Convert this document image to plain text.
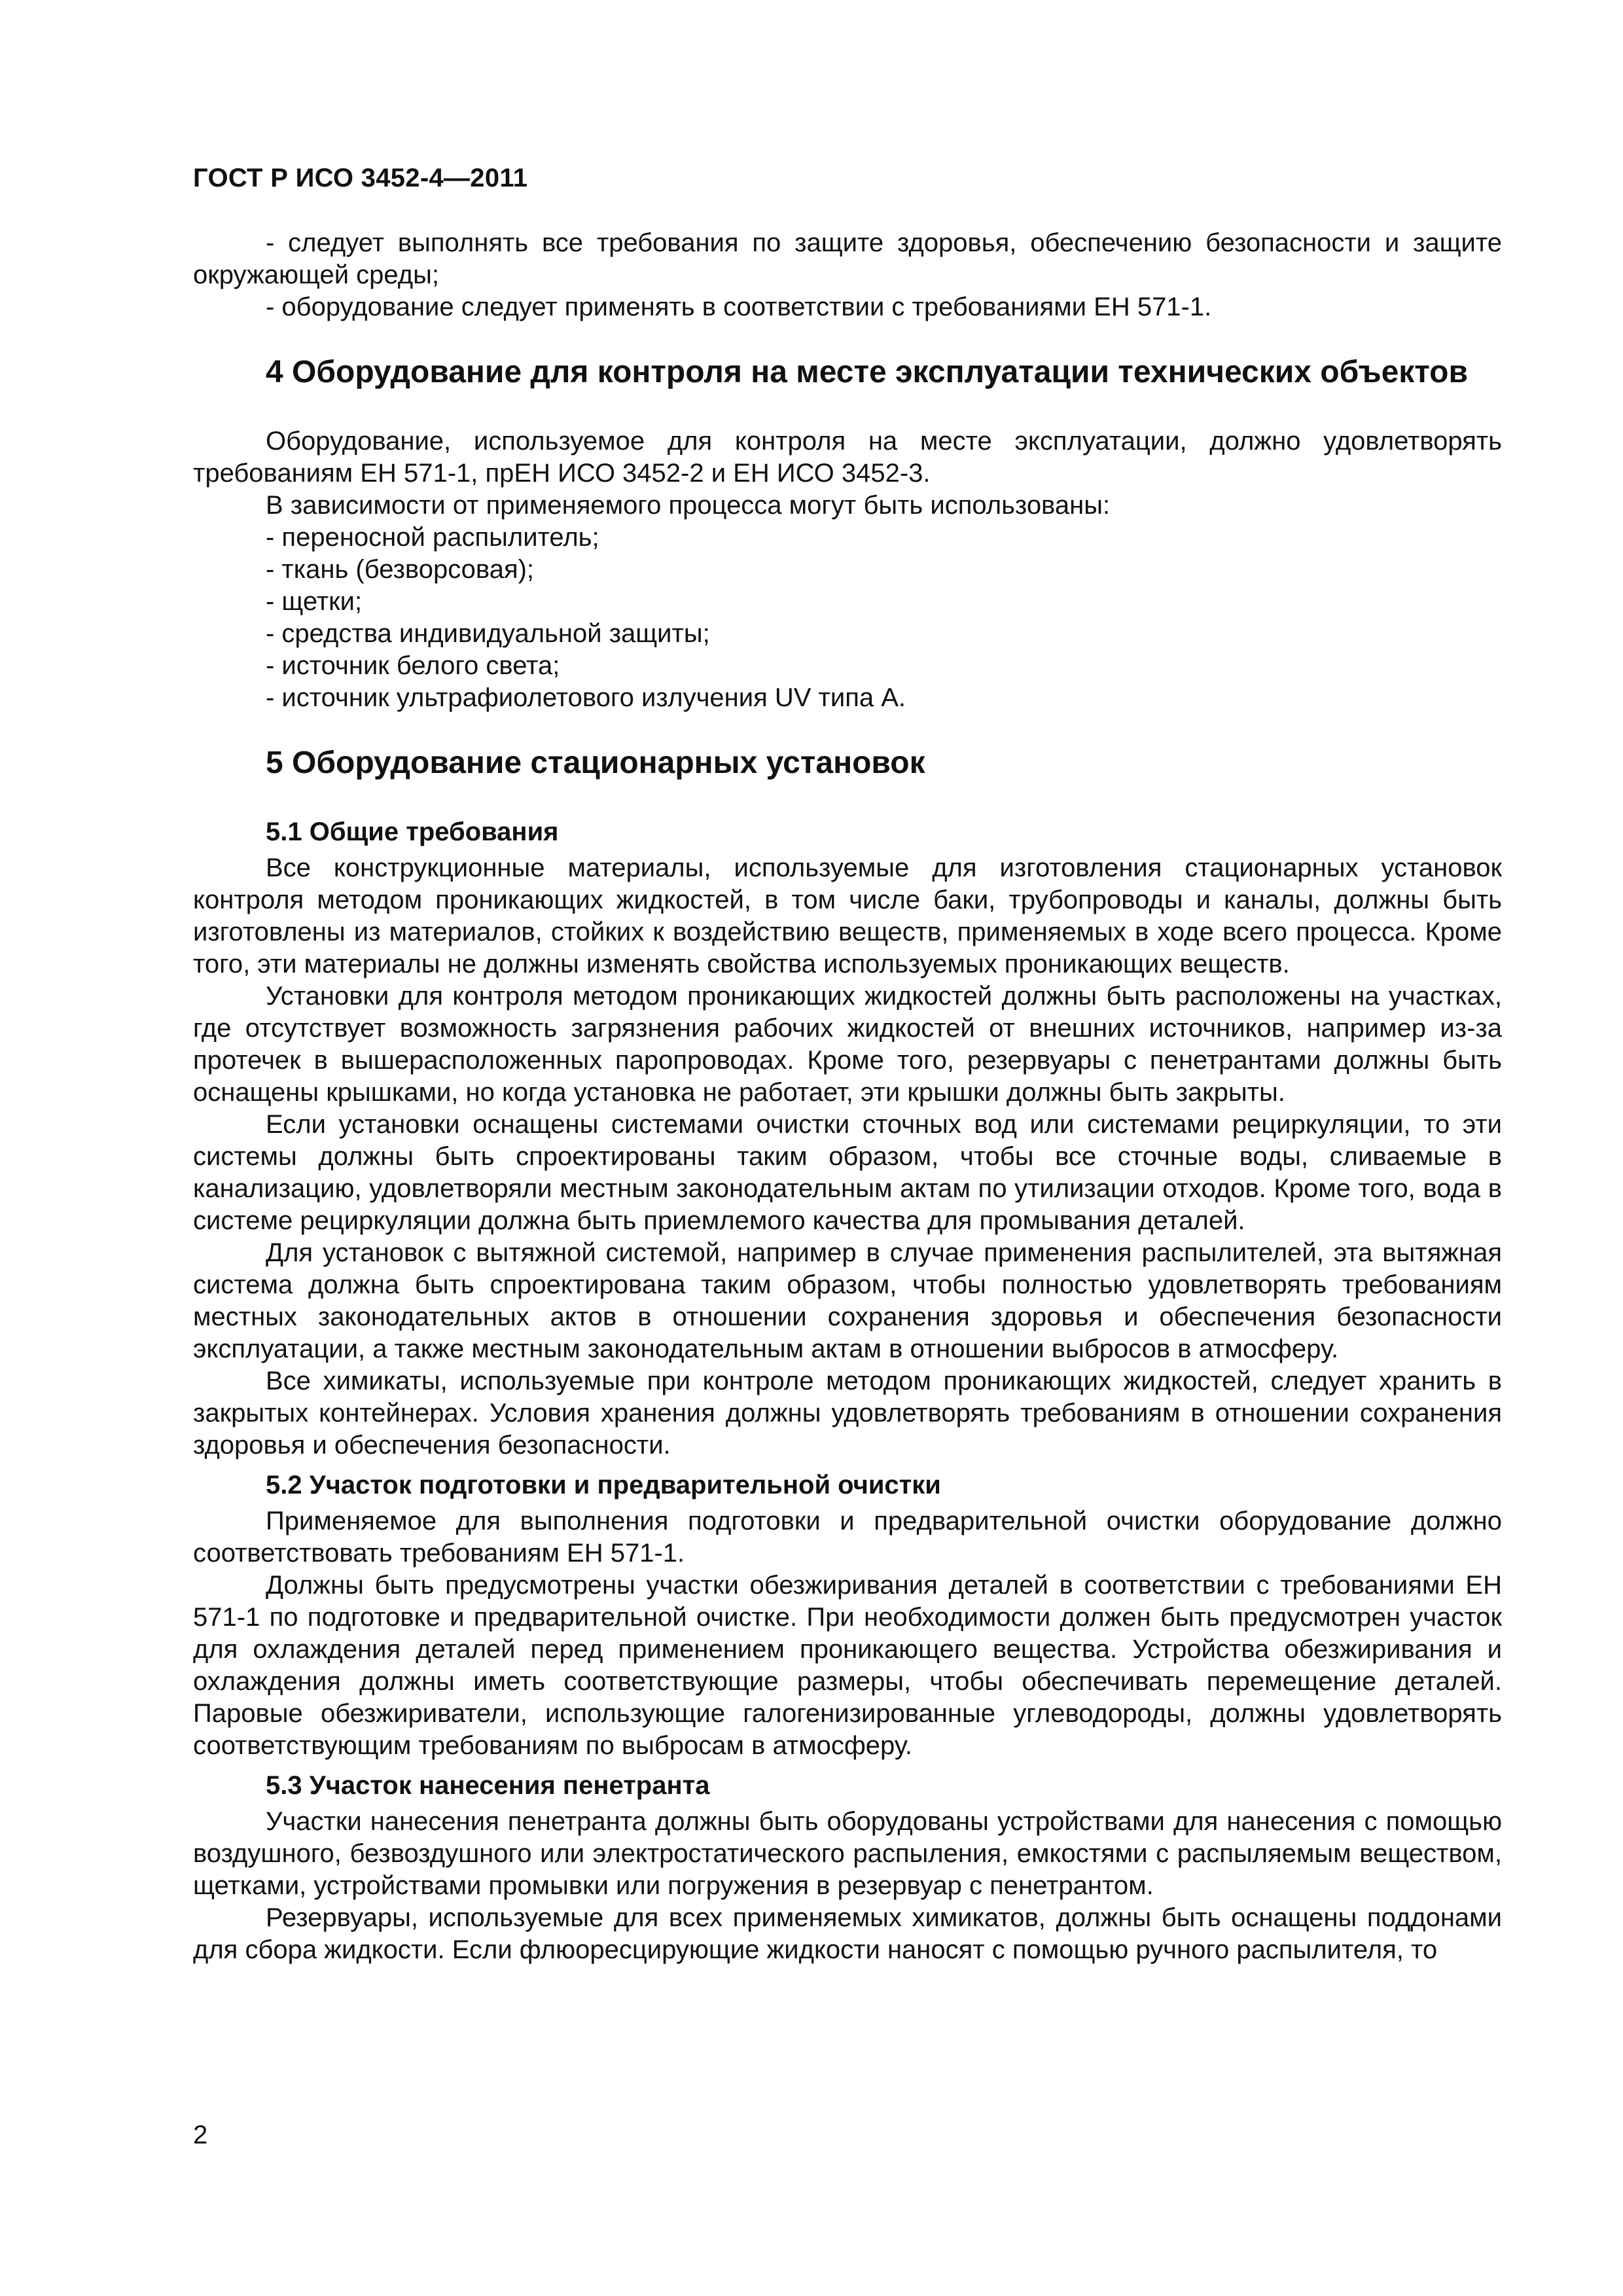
ГОСТ Р ИСО 3452-4—2011

- следует выполнять все требования по защите здоровья, обеспечению безопасности и защите окружающей среды;

- оборудование следует применять в соответствии с требованиями ЕН 571-1.

4 Оборудование для контроля на месте эксплуатации технических объектов

Оборудование, используемое для контроля на месте эксплуатации, должно удовлетворять требованиям ЕН 571-1, прЕН ИСО 3452-2 и ЕН ИСО 3452-3.

В зависимости от применяемого процесса могут быть использованы:

- переносной распылитель;

- ткань (безворсовая);

- щетки;

- средства индивидуальной защиты;

- источник белого света;

- источник ультрафиолетового излучения UV типа А.

5 Оборудование стационарных установок
5.1 Общие требования

Все конструкционные материалы, используемые для изготовления стационарных установок контроля методом проникающих жидкостей, в том числе баки, трубопроводы и каналы, должны быть изготовлены из материалов, стойких к воздействию веществ, применяемых в ходе всего процесса. Кроме того, эти материалы не должны изменять свойства используемых проникающих веществ.

Установки для контроля методом проникающих жидкостей должны быть расположены на участках, где отсутствует возможность загрязнения рабочих жидкостей от внешних источников, например из-за протечек в вышерасположенных паропроводах. Кроме того, резервуары с пенетрантами должны быть оснащены крышками, но когда установка не работает, эти крышки должны быть закрыты.

Если установки оснащены системами очистки сточных вод или системами рециркуляции, то эти системы должны быть спроектированы таким образом, чтобы все сточные воды, сливаемые в канализацию, удовлетворяли местным законодательным актам по утилизации отходов. Кроме того, вода в системе рециркуляции должна быть приемлемого качества для промывания деталей.

Для установок с вытяжной системой, например в случае применения распылителей, эта вытяжная система должна быть спроектирована таким образом, чтобы полностью удовлетворять требованиям местных законодательных актов в отношении сохранения здоровья и обеспечения безопасности эксплуатации, а также местным законодательным актам в отношении выбросов в атмосферу.

Все химикаты, используемые при контроле методом проникающих жидкостей, следует хранить в закрытых контейнерах. Условия хранения должны удовлетворять требованиям в отношении сохранения здоровья и обеспечения безопасности.

5.2 Участок подготовки и предварительной очистки

Применяемое для выполнения подготовки и предварительной очистки оборудование должно соответствовать требованиям ЕН 571-1.

Должны быть предусмотрены участки обезжиривания деталей в соответствии с требованиями ЕН 571-1 по подготовке и предварительной очистке. При необходимости должен быть предусмотрен участок для охлаждения деталей перед применением проникающего вещества. Устройства обезжиривания и охлаждения должны иметь соответствующие размеры, чтобы обеспечивать перемещение деталей. Паровые обезжириватели, использующие галогенизированные углеводороды, должны удовлетворять соответствующим требованиям по выбросам в атмосферу.

5.3 Участок нанесения пенетранта

Участки нанесения пенетранта должны быть оборудованы устройствами для нанесения с помощью воздушного, безвоздушного или электростатического распыления, емкостями с распыляемым веществом, щетками, устройствами промывки или погружения в резервуар с пенетрантом.

Резервуары, используемые для всех применяемых химикатов, должны быть оснащены поддонами для сбора жидкости. Если флюоресцирующие жидкости наносят с помощью ручного распылителя, то

2
